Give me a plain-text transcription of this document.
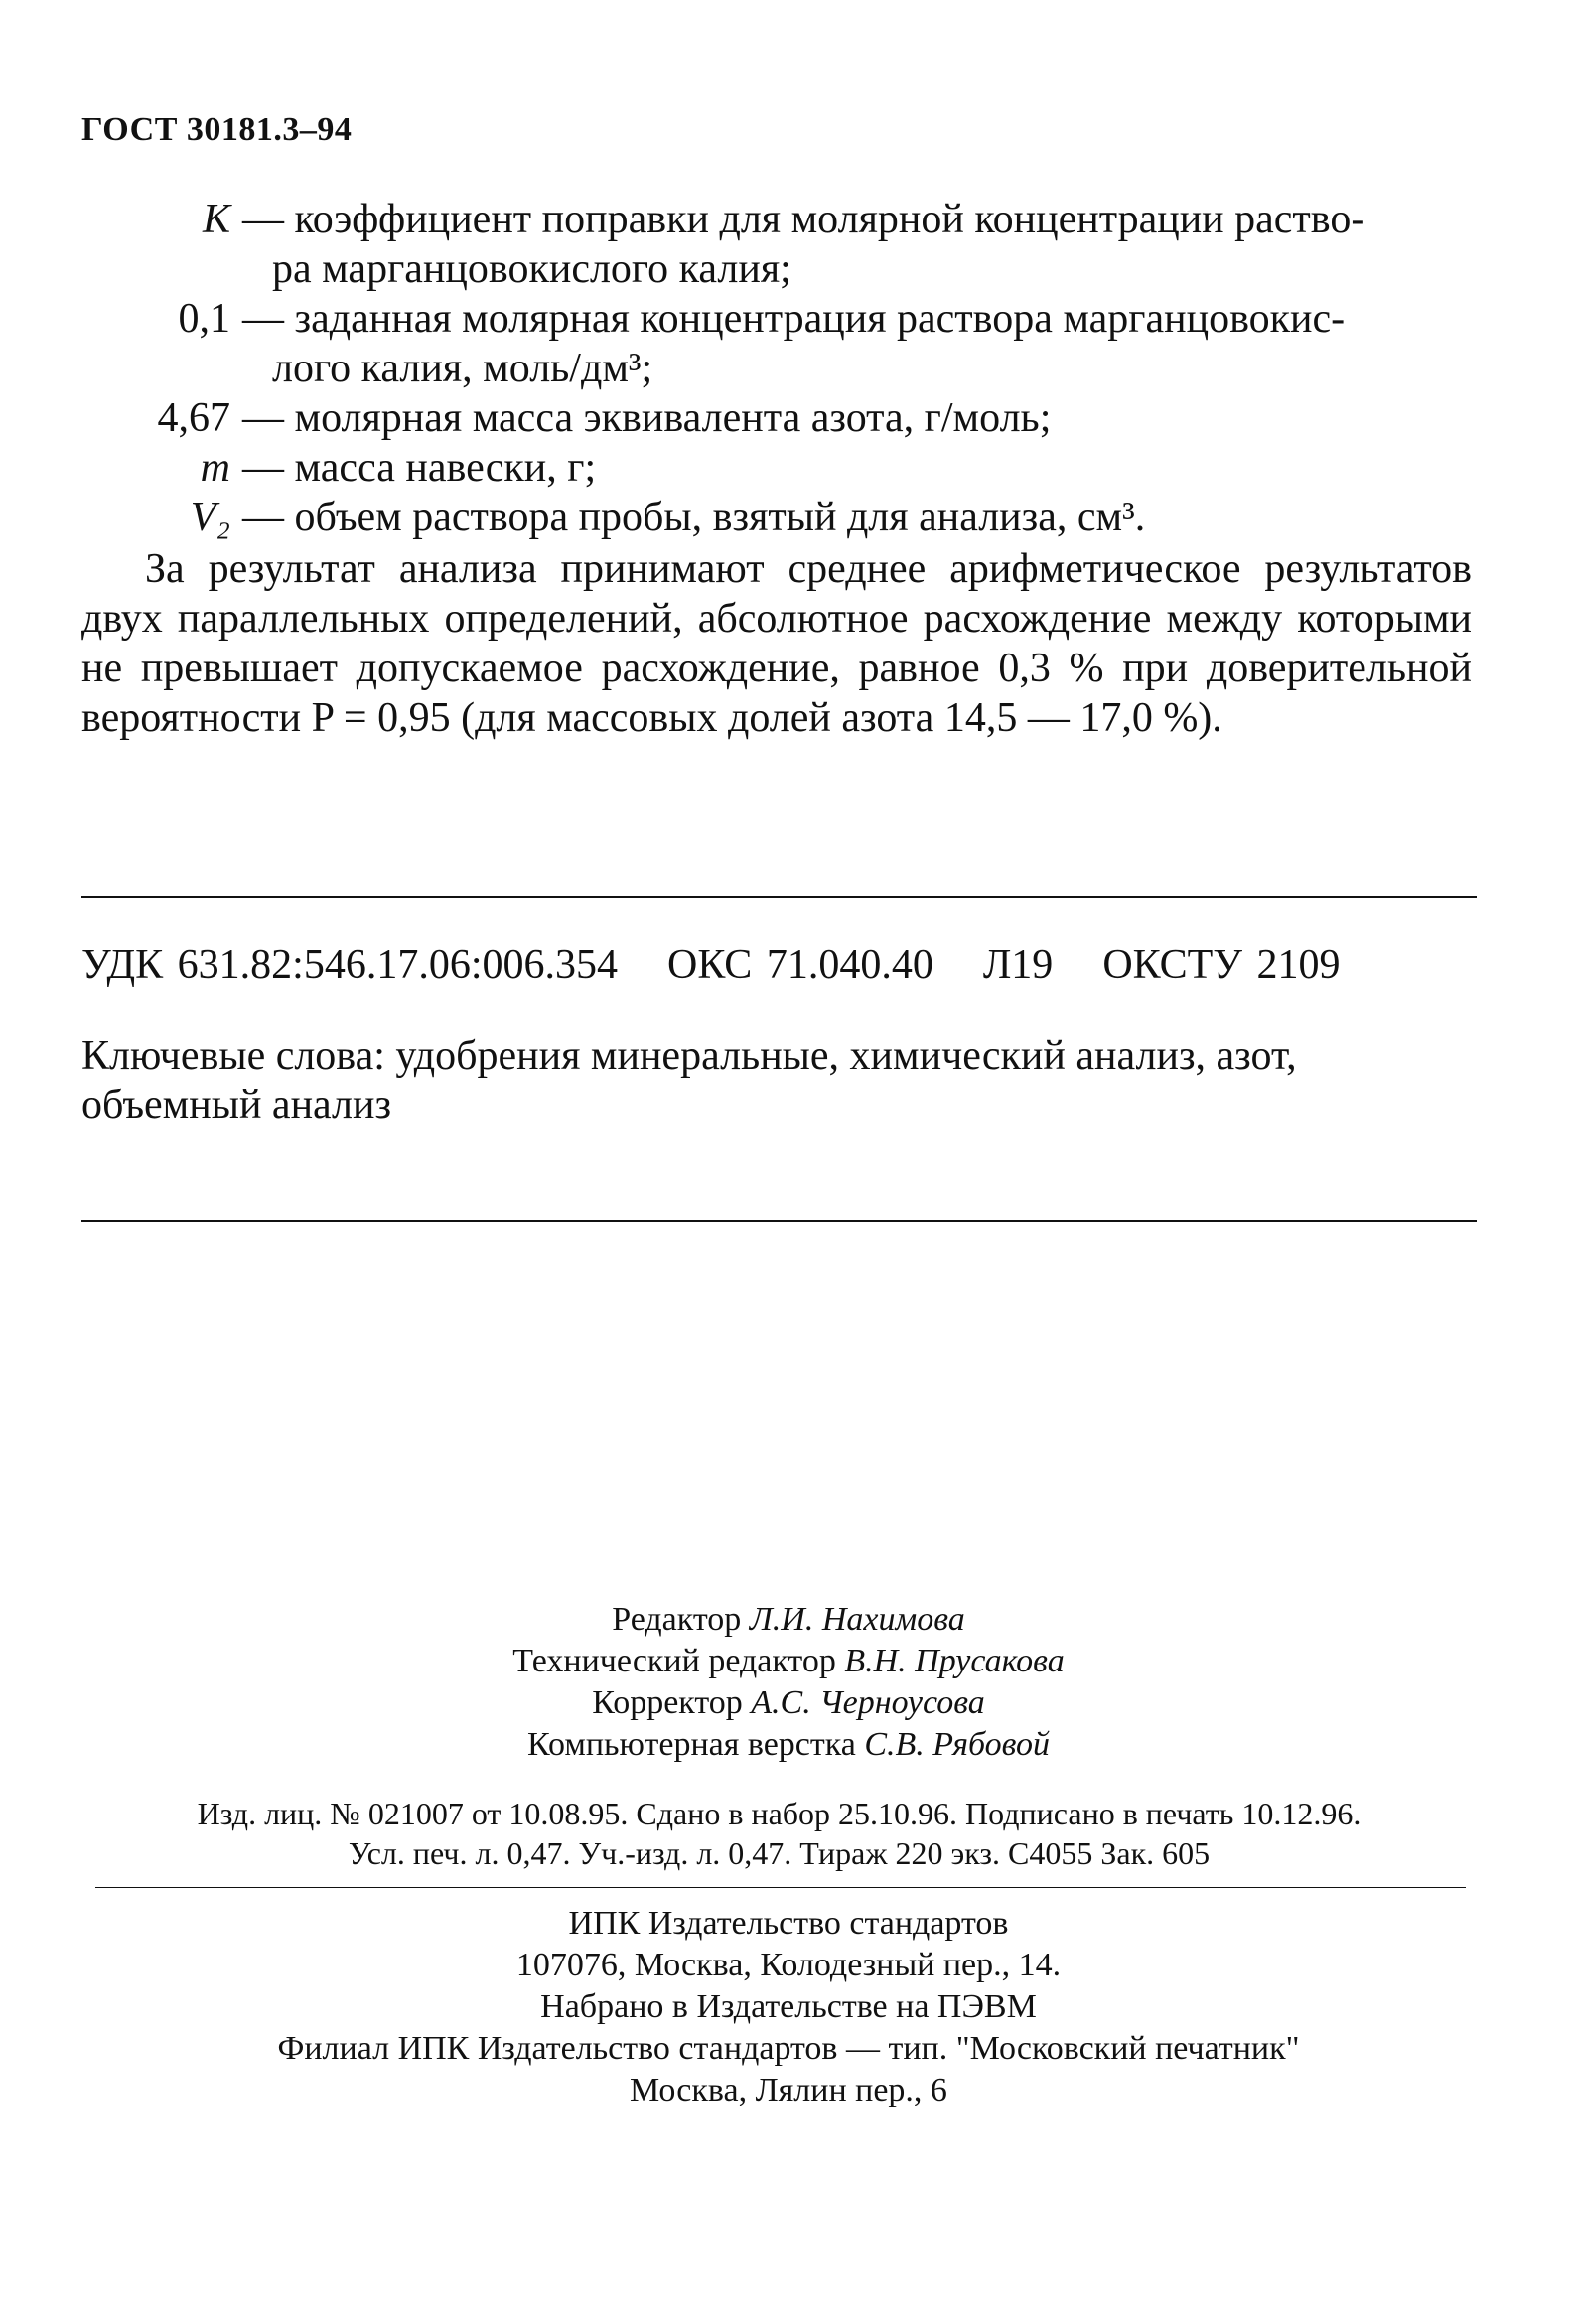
ГОСТ 30181.3–94
K — коэффициент поправки для молярной концентрации раство-
ра марганцовокислого калия;
0,1 — заданная молярная концентрация раствора марганцовокис-
лого калия, моль/дм³;
4,67 — молярная масса эквивалента азота, г/моль;
m — масса навески, г;
V₂ — объем раствора пробы, взятый для анализа, см³.
За результат анализа принимают среднее арифметическое результатов двух параллельных определений, абсолютное расхождение между которыми не превышает допускаемое расхождение, равное 0,3 % при доверительной вероятности P = 0,95 (для массовых долей азота 14,5 — 17,0 %).
УДК 631.82:546.17.06:006.354 ОКС 71.040.40 Л19 ОКСТУ 2109
Ключевые слова: удобрения минеральные, химический анализ, азот, объемный анализ
Редактор Л.И. Нахимова
Технический редактор В.Н. Прусакова
Корректор А.С. Черноусова
Компьютерная верстка С.В. Рябовой
Изд. лиц. № 021007 от 10.08.95. Сдано в набор 25.10.96. Подписано в печать 10.12.96.
Усл. печ. л. 0,47. Уч.-изд. л. 0,47. Тираж 220 экз. С4055 Зак. 605
ИПК Издательство стандартов
107076, Москва, Колодезный пер., 14.
Набрано в Издательстве на ПЭВМ
Филиал ИПК Издательство стандартов — тип. "Московский печатник"
Москва, Лялин пер., 6
